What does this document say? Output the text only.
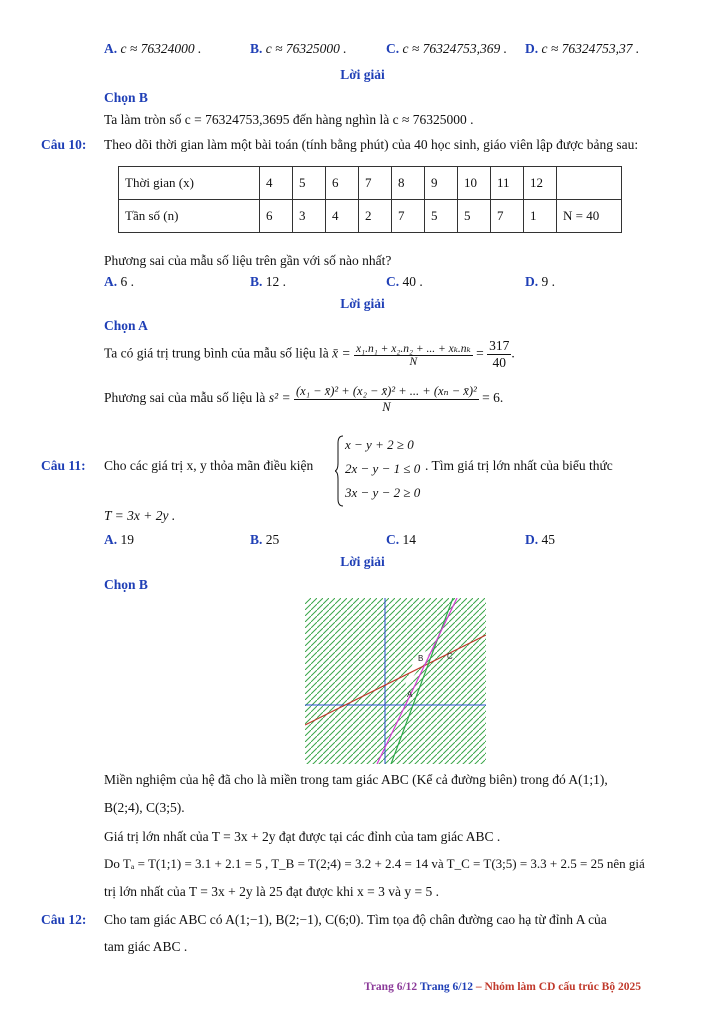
A. c ≈ 76324000 .	B. c ≈ 76325000 .	C. c ≈ 76324753,369 . D. c ≈ 76324753,37 .
Lời giải
Chọn B
Ta làm tròn số c = 76324753,3695 đến hàng nghìn là c ≈ 76325000 .
Câu 10: Theo dõi thời gian làm một bài toán (tính bằng phút) của 40 học sinh, giáo viên lập được bảng sau:
Thời gian (x)	4	5	6	7	8	9	10	11	12	
Tần số (n)	6	3	4	2	7	5	5	7	1	N = 40
Phương sai của mẫu số liệu trên gần với số nào nhất?
A. 6 .	B. 12 .	C. 40 .	D. 9 .
Lời giải
Chọn A
Ta có giá trị trung bình của mẫu số liệu là x̄ = $\frac{\text{x₁.n₁ + x₂.n₂ + ... + xₖ.nₖ}}{N} = \frac{317}{40}$ .
Phương sai của mẫu số liệu là $s^2 = \frac{\text{(x₁ − x̄)² + (x₂ − x̄)² + ... + (xₙ − x̄)²}}{N} = 6$.
Câu 11: Cho các giá trị x, y thỏa mãn điều kiện
x − y + 2 ≥ 0
2x − y − 1 ≤ 0
3x − y − 2 ≥ 0
. Tìm giá trị lớn nhất của biểu thức
T = 3x + 2y .
A. 19	B. 25	C. 14	D. 45
Lời giải
Chọn B
A
B	C
Miền nghiệm của hệ đã cho là miền trong tam giác ABC (Kể cả đường biên) trong đó A(1;1),
B(2;4), C(3;5).
Giá trị lớn nhất của T = 3x + 2y đạt được tại các đỉnh của tam giác ABC .
Do Tₐ = T(1;1) = 3.1 + 2.1 = 5 , T_B = T(2;4) = 3.2 + 2.4 = 14 và T_C = T(3;5) = 3.3 + 2.5 = 25 nên giá
trị lớn nhất của T = 3x + 2y là 25 đạt được khi x = 3 và y = 5 .
Câu 12: Cho tam giác ABC có A(1;−1), B(2;−1), C(6;0). Tìm tọa độ chân đường cao hạ từ đỉnh A của
tam giác ABC .
Trang 6/12 Trang 6/12 – Nhóm làm CD cấu trúc Bộ 2025
